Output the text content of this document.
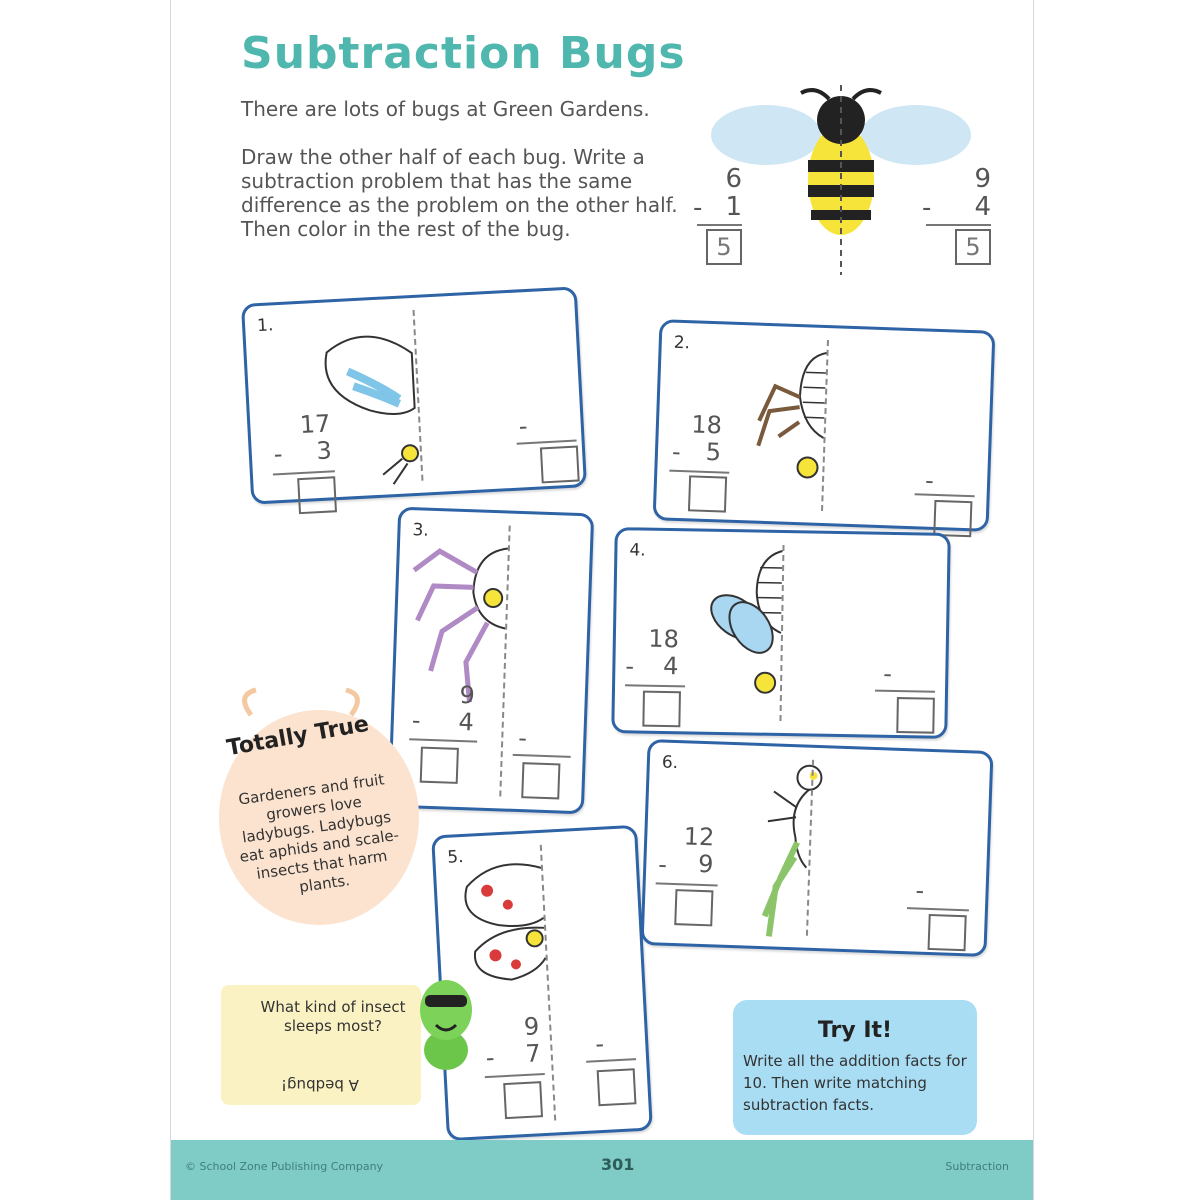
Subtraction Bugs

There are lots of bugs at Green Gardens.

Draw the other half of each bug. Write a subtraction problem that has the same difference as the problem on the other half. Then color in the rest of the bug.

6
1
-
5
9
4
-
5
1.
17
3
-
-
2.
18
5
-
-
3.
9
4
-
-
4.
18
4
-	-
5.
9
7
-	-
6.
12
9
-
-
Totally True
Gardeners and fruit growers love ladybugs. Ladybugs eat aphids and scale-insects that harm plants.
What kind of insect sleeps most?
A bedbug!
Try It!
Write all the addition facts for 10. Then write matching subtraction facts.
© School Zone Publishing Company	301	Subtraction
